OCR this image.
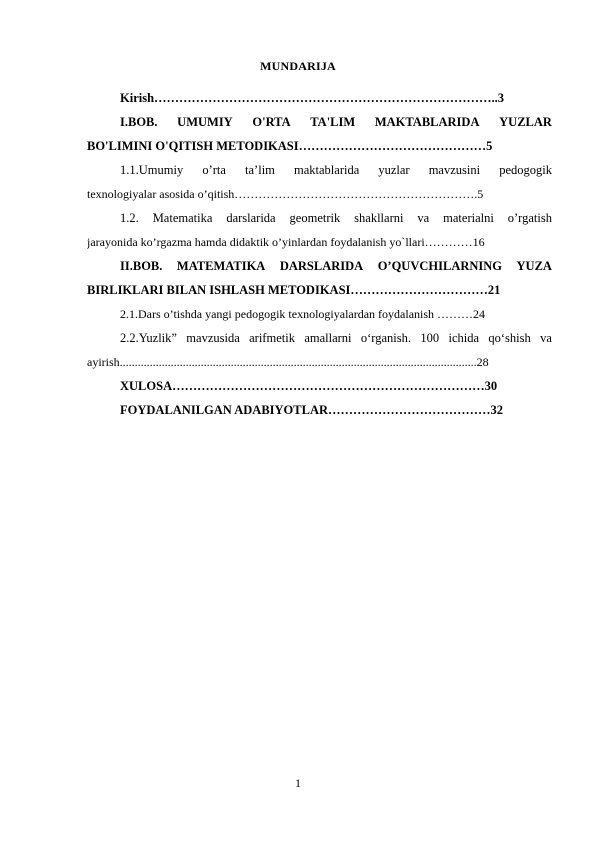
MUNDARIJA
Kirish………………………………………………………………………..3
I.BOB. UMUMIY O'RTA TA'LIM MAKTABLARIDA YUZLAR
BO'LIMINI O'QITISH METODIKASI………………………………………5
1.1.Umumiy o’rta ta’lim maktablarida yuzlar mavzusini pedogogik
texnologiyalar asosida o’qitish…………………………………………………….5
1.2. Matematika darslarida geometrik shakllarni va materialni o’rgatish
jarayonida ko’rgazma hamda didaktik o’yinlardan foydalanish yo`llari…………16
II.BOB. MATEMATIKA DARSLARIDA O’QUVCHILARNING YUZA
BIRLIKLARI BILAN ISHLASH METODIKASI……………………………21
2.1.Dars o’tishda yangi pedogogik texnologiyalardan foydalanish ………24
2.2.Yuzlik” mavzusida arifmetik amallarni o‘rganish. 100 ichida qo‘shish va
ayirish.......................................................................................................................28
XULOSA…………………………………………………………………30
FOYDALANILGAN ADABIYOTLAR…………………………………32
1
